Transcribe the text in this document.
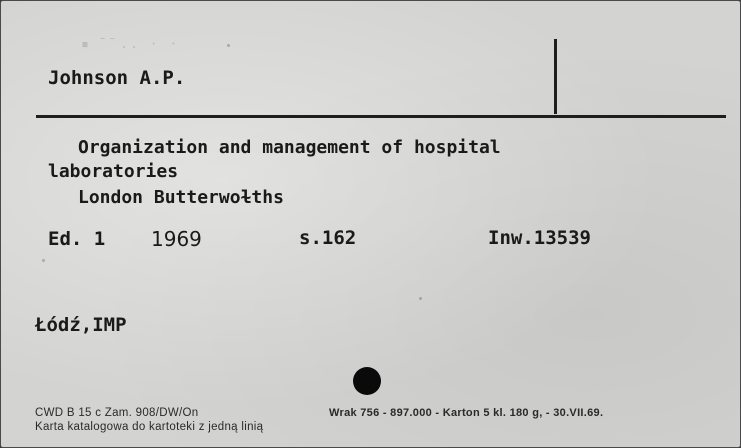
▪ ̄ ̄ .. · ·
Johnson A.P.
Organization and management of hospital
laboratories
London Butterwoɫths
Ed. 1 1969	s.162	Inw.13539
Łódź,IMP
CWD B 15 c Zam. 908/DW/On
Karta katalogowa do kartoteki z jedną linią
Wrak 756 - 897.000 - Karton 5 kl. 180 g, - 30.VII.69.
